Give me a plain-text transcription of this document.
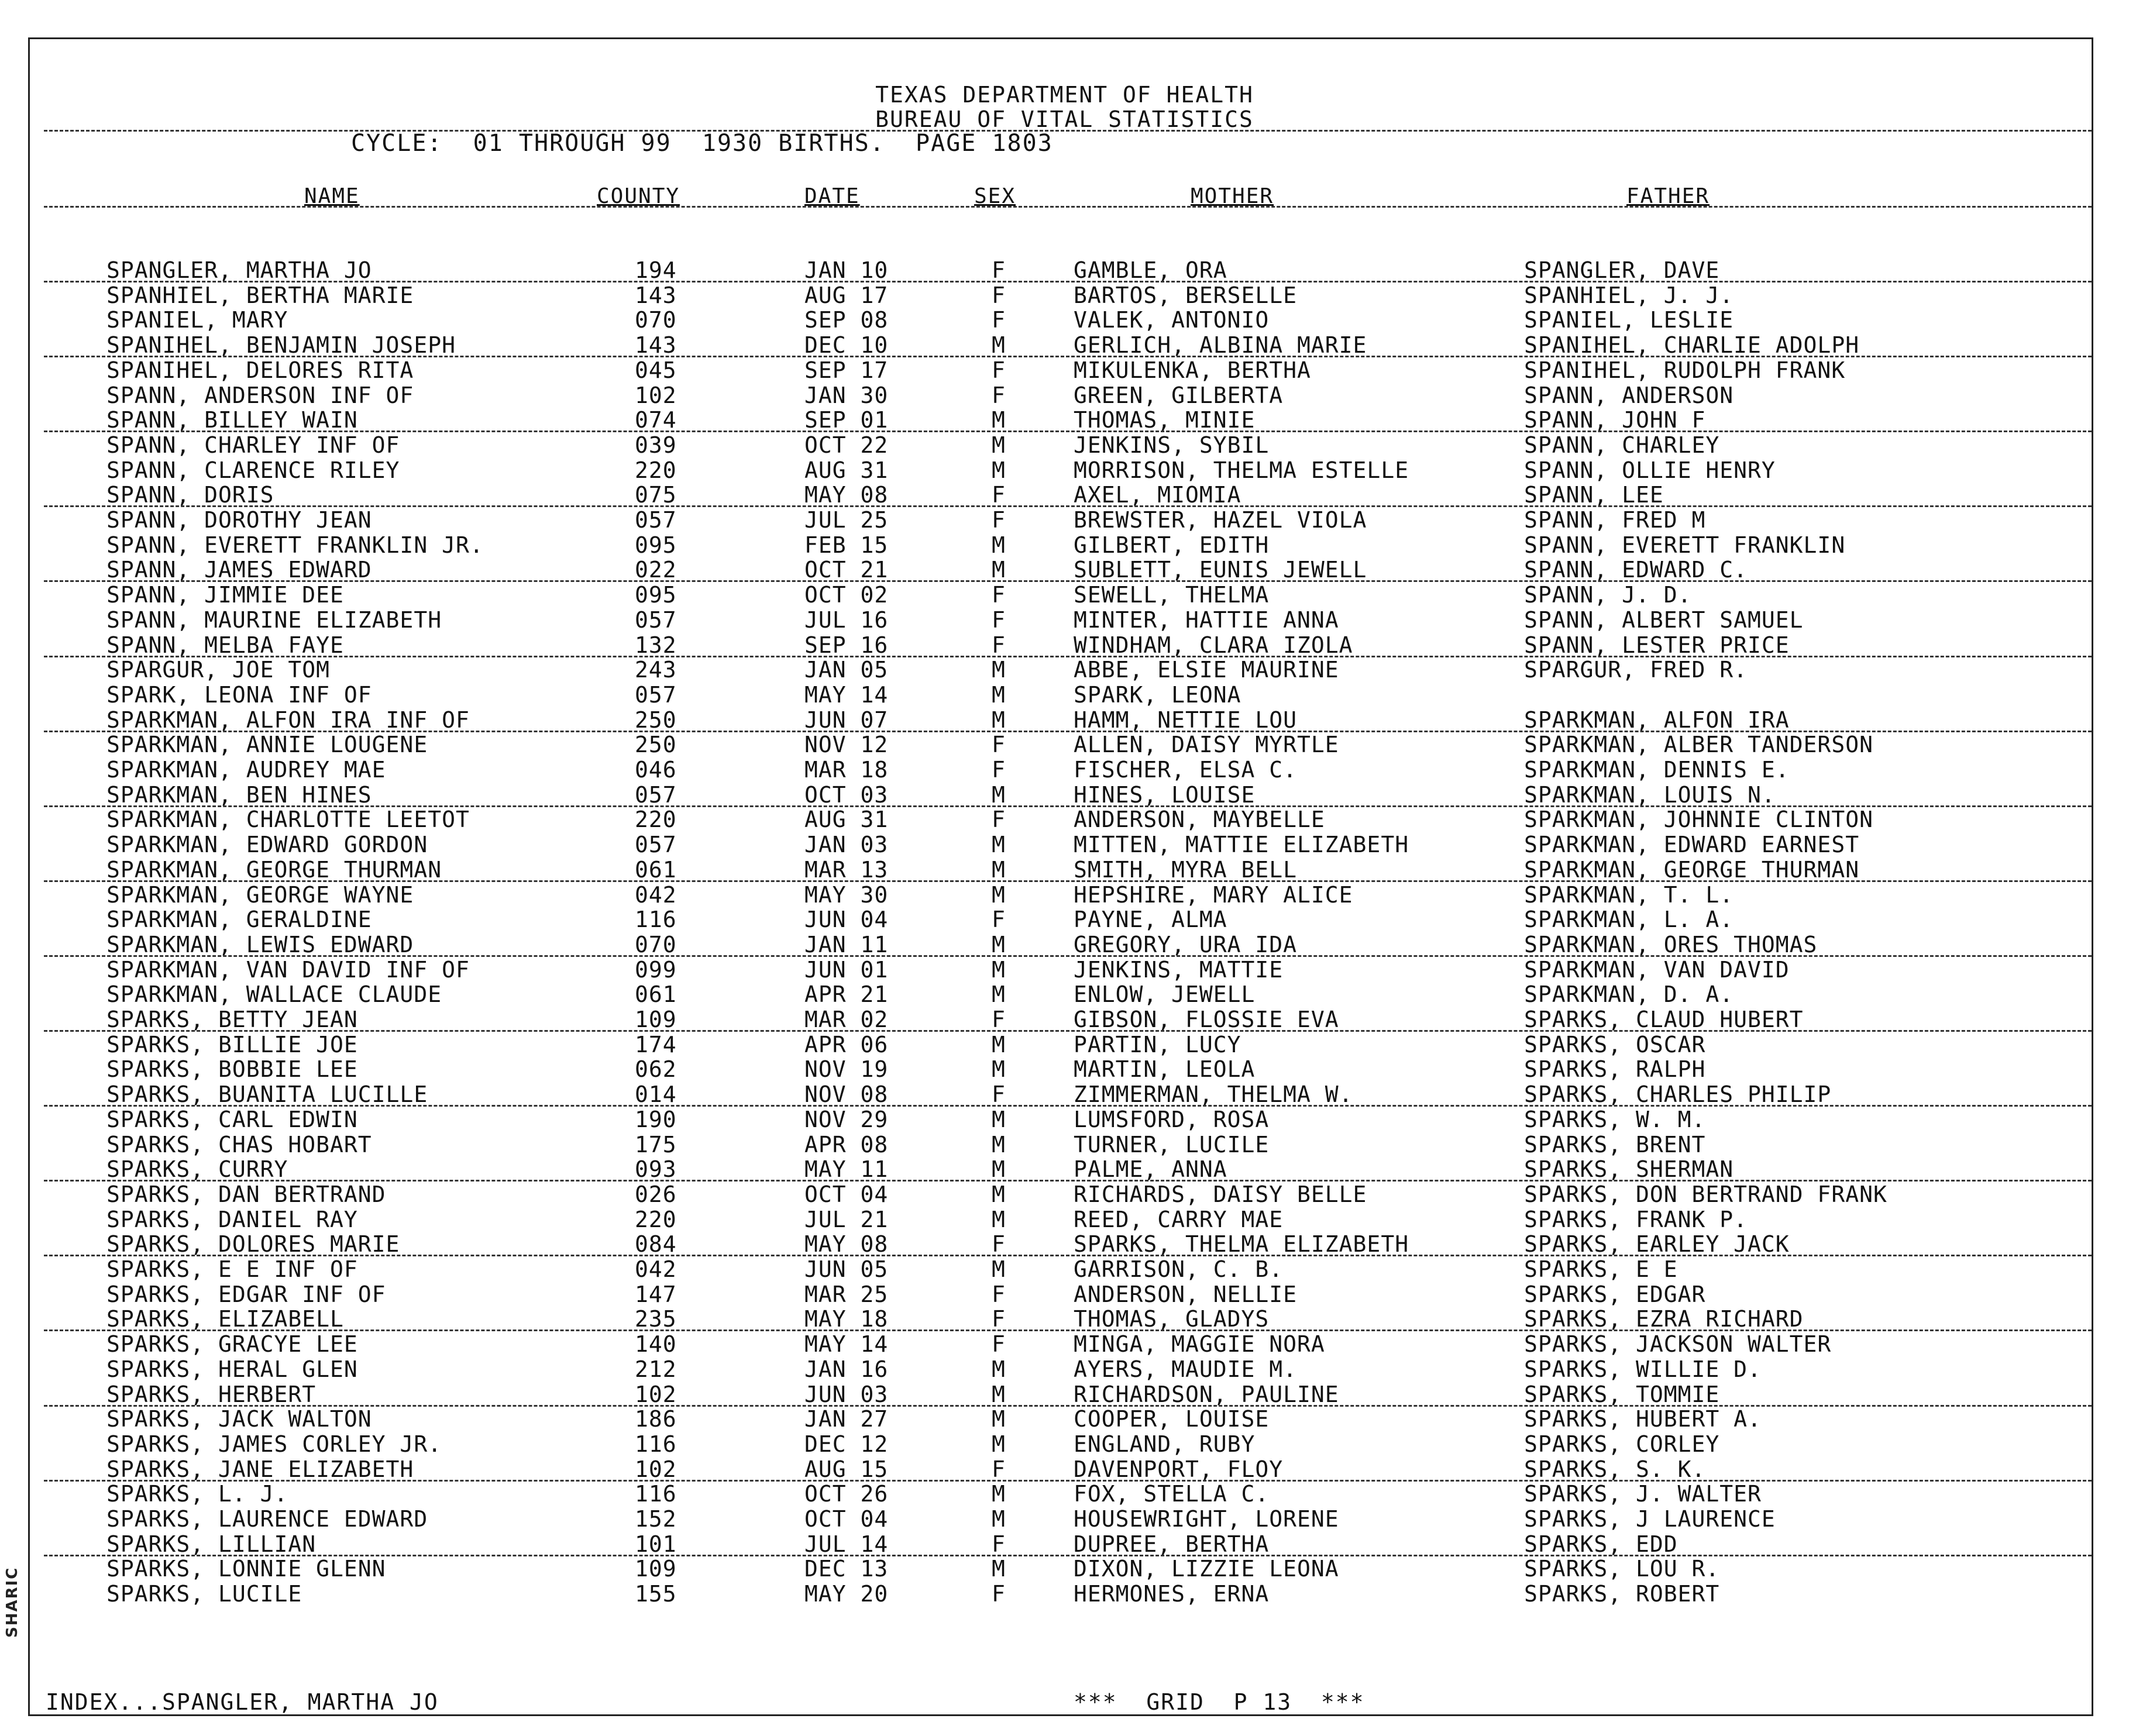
SHARIC
TEXAS DEPARTMENT OF HEALTH
BUREAU OF VITAL STATISTICS
CYCLE:  01 THROUGH 99  1930 BIRTHS.  PAGE 1803
NAME	COUNTY	DATE	SEX	MOTHER	FATHER
SPANGLER, MARTHA JO	194	JAN 10	F	GAMBLE, ORA	SPANGLER, DAVE
SPANHIEL, BERTHA MARIE	143	AUG 17	F	BARTOS, BERSELLE	SPANHIEL, J. J.
SPANIEL, MARY	070	SEP 08	F	VALEK, ANTONIO	SPANIEL, LESLIE
SPANIHEL, BENJAMIN JOSEPH	143	DEC 10	M	GERLICH, ALBINA MARIE	SPANIHEL, CHARLIE ADOLPH
SPANIHEL, DELORES RITA	045	SEP 17	F	MIKULENKA, BERTHA	SPANIHEL, RUDOLPH FRANK
SPANN, ANDERSON INF OF	102	JAN 30	F	GREEN, GILBERTA	SPANN, ANDERSON
SPANN, BILLEY WAIN	074	SEP 01	M	THOMAS, MINIE	SPANN, JOHN F
SPANN, CHARLEY INF OF	039	OCT 22	M	JENKINS, SYBIL	SPANN, CHARLEY
SPANN, CLARENCE RILEY	220	AUG 31	M	MORRISON, THELMA ESTELLE	SPANN, OLLIE HENRY
SPANN, DORIS	075	MAY 08	F	AXEL, MIOMIA	SPANN, LEE
SPANN, DOROTHY JEAN	057	JUL 25	F	BREWSTER, HAZEL VIOLA	SPANN, FRED M
SPANN, EVERETT FRANKLIN JR.	095	FEB 15	M	GILBERT, EDITH	SPANN, EVERETT FRANKLIN
SPANN, JAMES EDWARD	022	OCT 21	M	SUBLETT, EUNIS JEWELL	SPANN, EDWARD C.
SPANN, JIMMIE DEE	095	OCT 02	F	SEWELL, THELMA	SPANN, J. D.
SPANN, MAURINE ELIZABETH	057	JUL 16	F	MINTER, HATTIE ANNA	SPANN, ALBERT SAMUEL
SPANN, MELBA FAYE	132	SEP 16	F	WINDHAM, CLARA IZOLA	SPANN, LESTER PRICE
SPARGUR, JOE TOM	243	JAN 05	M	ABBE, ELSIE MAURINE	SPARGUR, FRED R.
SPARK, LEONA INF OF	057	MAY 14	M	SPARK, LEONA
SPARKMAN, ALFON IRA INF OF	250	JUN 07	M	HAMM, NETTIE LOU	SPARKMAN, ALFON IRA
SPARKMAN, ANNIE LOUGENE	250	NOV 12	F	ALLEN, DAISY MYRTLE	SPARKMAN, ALBER TANDERSON
SPARKMAN, AUDREY MAE	046	MAR 18	F	FISCHER, ELSA C.	SPARKMAN, DENNIS E.
SPARKMAN, BEN HINES	057	OCT 03	M	HINES, LOUISE	SPARKMAN, LOUIS N.
SPARKMAN, CHARLOTTE LEETOT	220	AUG 31	F	ANDERSON, MAYBELLE	SPARKMAN, JOHNNIE CLINTON
SPARKMAN, EDWARD GORDON	057	JAN 03	M	MITTEN, MATTIE ELIZABETH	SPARKMAN, EDWARD EARNEST
SPARKMAN, GEORGE THURMAN	061	MAR 13	M	SMITH, MYRA BELL	SPARKMAN, GEORGE THURMAN
SPARKMAN, GEORGE WAYNE	042	MAY 30	M	HEPSHIRE, MARY ALICE	SPARKMAN, T. L.
SPARKMAN, GERALDINE	116	JUN 04	F	PAYNE, ALMA	SPARKMAN, L. A.
SPARKMAN, LEWIS EDWARD	070	JAN 11	M	GREGORY, URA IDA	SPARKMAN, ORES THOMAS
SPARKMAN, VAN DAVID INF OF	099	JUN 01	M	JENKINS, MATTIE	SPARKMAN, VAN DAVID
SPARKMAN, WALLACE CLAUDE	061	APR 21	M	ENLOW, JEWELL	SPARKMAN, D. A.
SPARKS, BETTY JEAN	109	MAR 02	F	GIBSON, FLOSSIE EVA	SPARKS, CLAUD HUBERT
SPARKS, BILLIE JOE	174	APR 06	M	PARTIN, LUCY	SPARKS, OSCAR
SPARKS, BOBBIE LEE	062	NOV 19	M	MARTIN, LEOLA	SPARKS, RALPH
SPARKS, BUANITA LUCILLE	014	NOV 08	F	ZIMMERMAN, THELMA W.	SPARKS, CHARLES PHILIP
SPARKS, CARL EDWIN	190	NOV 29	M	LUMSFORD, ROSA	SPARKS, W. M.
SPARKS, CHAS HOBART	175	APR 08	M	TURNER, LUCILE	SPARKS, BRENT
SPARKS, CURRY	093	MAY 11	M	PALME, ANNA	SPARKS, SHERMAN
SPARKS, DAN BERTRAND	026	OCT 04	M	RICHARDS, DAISY BELLE	SPARKS, DON BERTRAND FRANK
SPARKS, DANIEL RAY	220	JUL 21	M	REED, CARRY MAE	SPARKS, FRANK P.
SPARKS, DOLORES MARIE	084	MAY 08	F	SPARKS, THELMA ELIZABETH	SPARKS, EARLEY JACK
SPARKS, E E INF OF	042	JUN 05	M	GARRISON, C. B.	SPARKS, E E
SPARKS, EDGAR INF OF	147	MAR 25	F	ANDERSON, NELLIE	SPARKS, EDGAR
SPARKS, ELIZABELL	235	MAY 18	F	THOMAS, GLADYS	SPARKS, EZRA RICHARD
SPARKS, GRACYE LEE	140	MAY 14	F	MINGA, MAGGIE NORA	SPARKS, JACKSON WALTER
SPARKS, HERAL GLEN	212	JAN 16	M	AYERS, MAUDIE M.	SPARKS, WILLIE D.
SPARKS, HERBERT	102	JUN 03	M	RICHARDSON, PAULINE	SPARKS, TOMMIE
SPARKS, JACK WALTON	186	JAN 27	M	COOPER, LOUISE	SPARKS, HUBERT A.
SPARKS, JAMES CORLEY JR.	116	DEC 12	M	ENGLAND, RUBY	SPARKS, CORLEY
SPARKS, JANE ELIZABETH	102	AUG 15	F	DAVENPORT, FLOY	SPARKS, S. K.
SPARKS, L. J.	116	OCT 26	M	FOX, STELLA C.	SPARKS, J. WALTER
SPARKS, LAURENCE EDWARD	152	OCT 04	M	HOUSEWRIGHT, LORENE	SPARKS, J LAURENCE
SPARKS, LILLIAN	101	JUL 14	F	DUPREE, BERTHA	SPARKS, EDD
SPARKS, LONNIE GLENN	109	DEC 13	M	DIXON, LIZZIE LEONA	SPARKS, LOU R.
SPARKS, LUCILE	155	MAY 20	F	HERMONES, ERNA	SPARKS, ROBERT
INDEX...SPANGLER, MARTHA JO	***  GRID  P 13  ***
